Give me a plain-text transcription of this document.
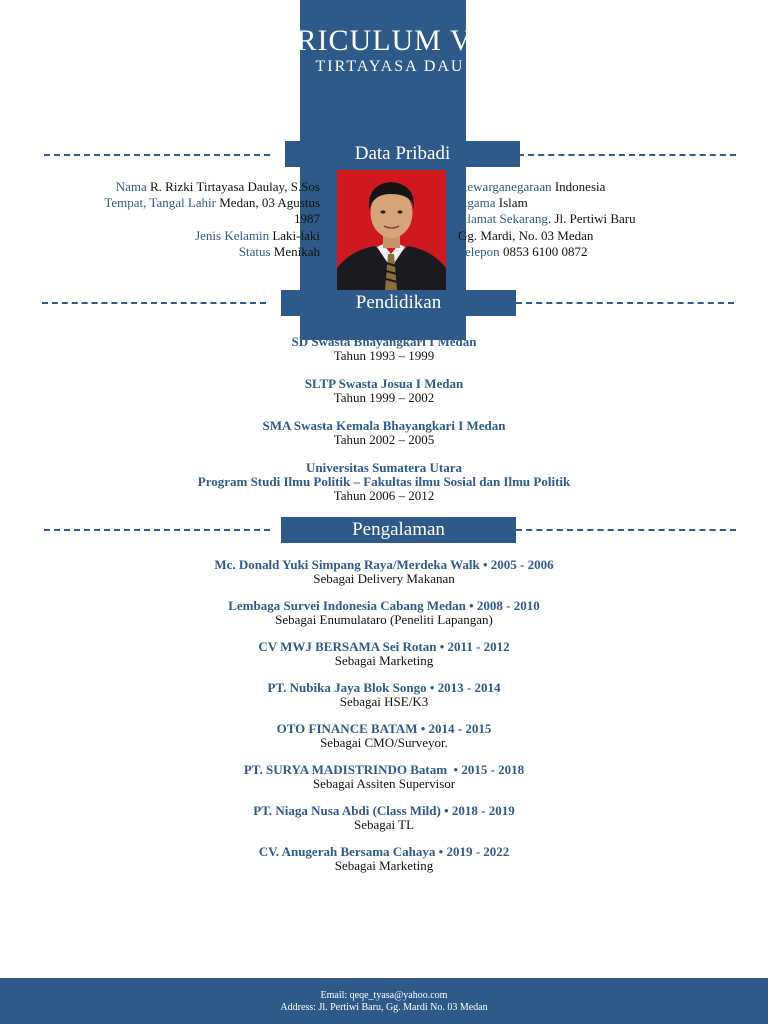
RICULUM VI
TIRTAYASA DAU
Data Pribadi
Nama R. Rizki Tirtayasa Daulay, S.Sos
Tempat, Tangal Lahir Medan, 03 Agustus
1987
Jenis Kelamin Laki-laki
Status Menikah
Kewarganegaraan Indonesia
Agama Islam
Alamat Sekarang. Jl. Pertiwi Baru
Gg. Mardi, No. 03 Medan
Telepon 0853 6100 0872
Pendidikan
SD Swasta Bhayangkari I Medan
Tahun 1993 – 1999
SLTP Swasta Josua I Medan
Tahun 1999 – 2002
SMA Swasta Kemala Bhayangkari I Medan
Tahun 2002 – 2005
Universitas Sumatera Utara
Program Studi Ilmu Politik – Fakultas ilmu Sosial dan Ilmu Politik
Tahun 2006 – 2012
Pengalaman
Mc. Donald Yuki Simpang Raya/Merdeka Walk • 2005 - 2006
Sebagai Delivery Makanan
Lembaga Survei Indonesia Cabang Medan • 2008 - 2010
Sebagai Enumulataro (Peneliti Lapangan)
CV MWJ BERSAMA Sei Rotan • 2011 - 2012
Sebagai Marketing
PT. Nubika Jaya Blok Songo • 2013 - 2014
Sebagai HSE/K3
OTO FINANCE BATAM • 2014 - 2015
Sebagai CMO/Surveyor.
PT. SURYA MADISTRINDO Batam  • 2015 - 2018
Sebagai Assiten Supervisor
PT. Niaga Nusa Abdi (Class Mild) • 2018 - 2019
Sebagai TL
CV. Anugerah Bersama Cahaya • 2019 - 2022
Sebagai Marketing
Email: qeqe_tyasa@yahoo.com
Address: Jl. Pertiwi Baru, Gg. Mardi No. 03 Medan
